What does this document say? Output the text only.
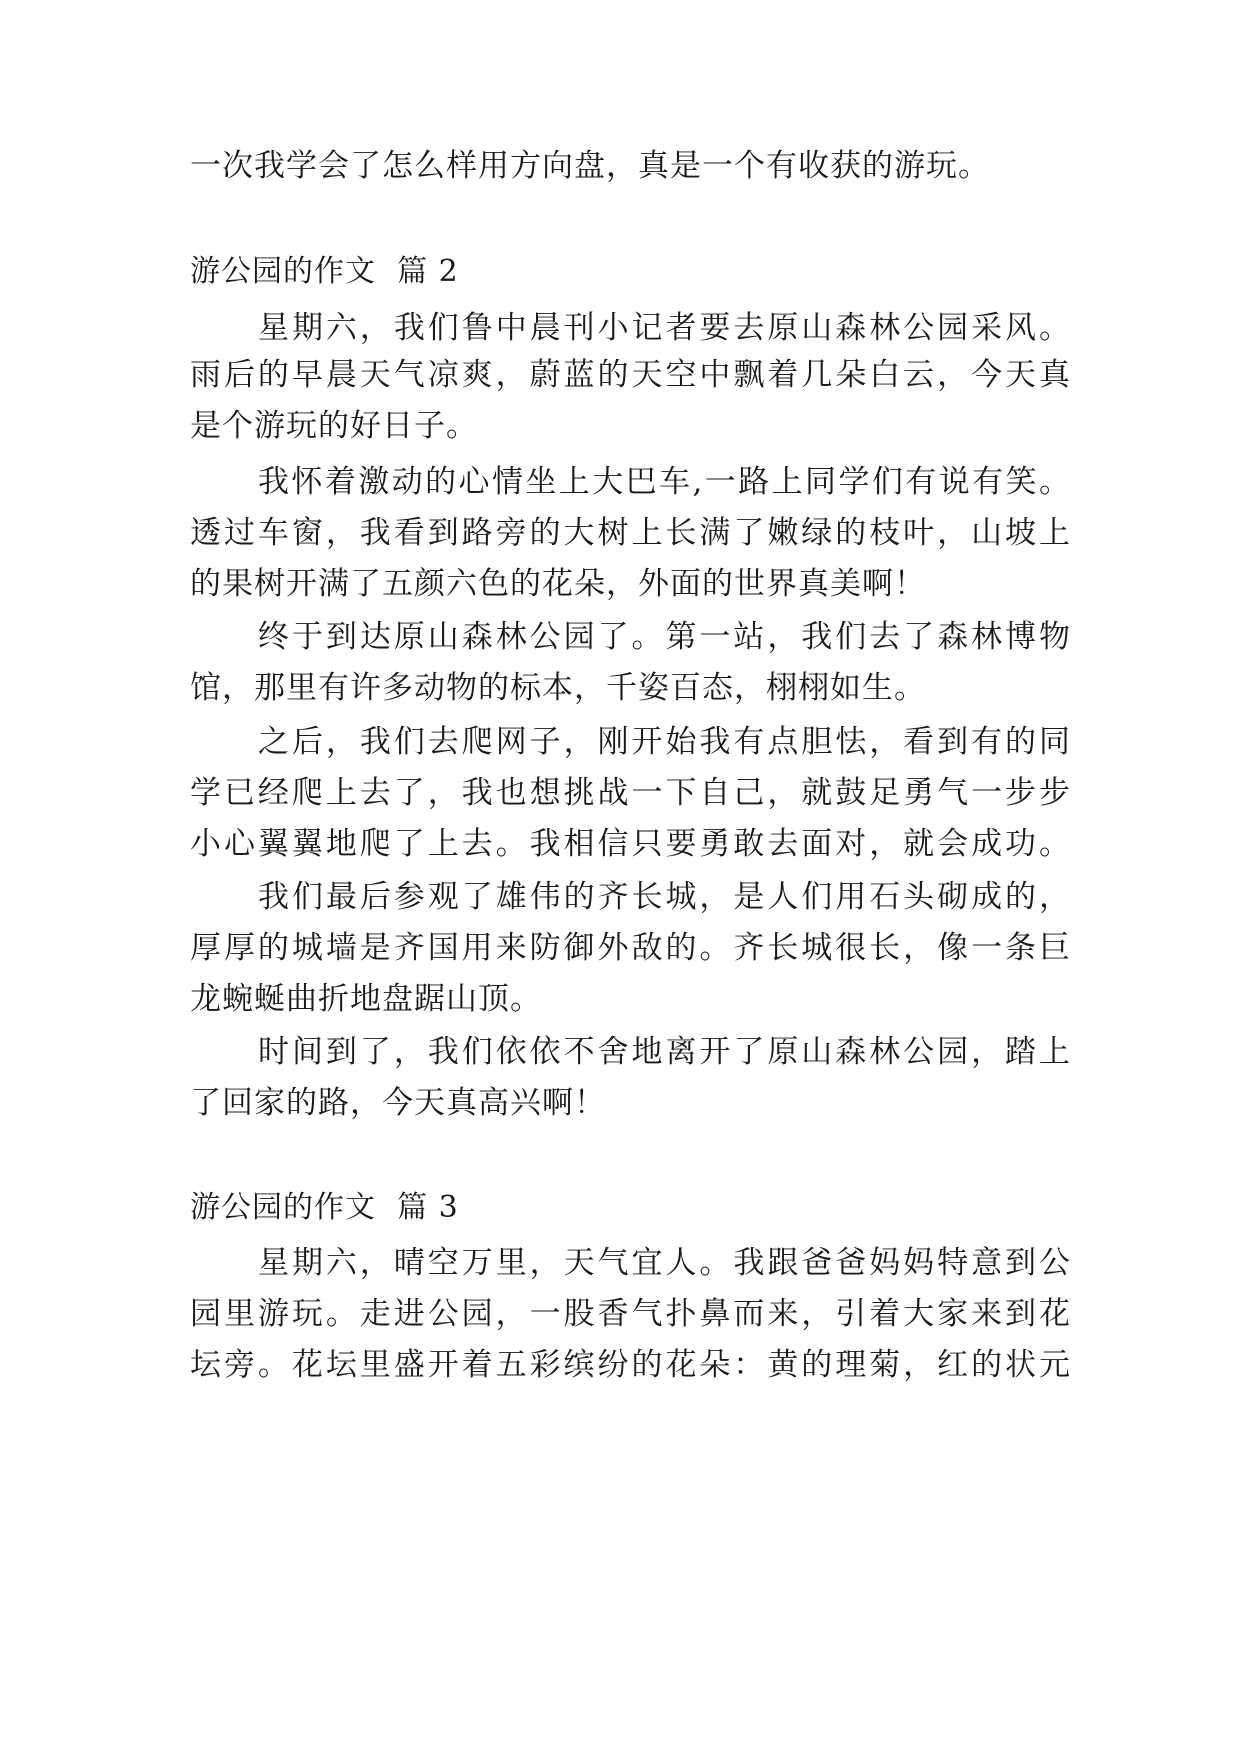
一次我学会了怎么样用方向盘，真是一个有收获的游玩。
游公园的作文  篇 2
星期六，我们鲁中晨刊小记者要去原山森林公园采风。
雨后的早晨天气凉爽，蔚蓝的天空中飘着几朵白云，今天真
是个游玩的好日子。
我怀着激动的心情坐上大巴车,一路上同学们有说有笑。
透过车窗，我看到路旁的大树上长满了嫩绿的枝叶，山坡上
的果树开满了五颜六色的花朵，外面的世界真美啊！
终于到达原山森林公园了。第一站，我们去了森林博物
馆，那里有许多动物的标本，千姿百态，栩栩如生。
之后，我们去爬网子，刚开始我有点胆怯，看到有的同
学已经爬上去了，我也想挑战一下自己，就鼓足勇气一步步
小心翼翼地爬了上去。我相信只要勇敢去面对，就会成功。
我们最后参观了雄伟的齐长城，是人们用石头砌成的，
厚厚的城墙是齐国用来防御外敌的。齐长城很长，像一条巨
龙蜿蜒曲折地盘踞山顶。
时间到了，我们依依不舍地离开了原山森林公园，踏上
了回家的路，今天真高兴啊！
游公园的作文  篇 3
星期六，晴空万里，天气宜人。我跟爸爸妈妈特意到公
园里游玩。走进公园，一股香气扑鼻而来，引着大家来到花
坛旁。花坛里盛开着五彩缤纷的花朵：黄的理菊，红的状元
